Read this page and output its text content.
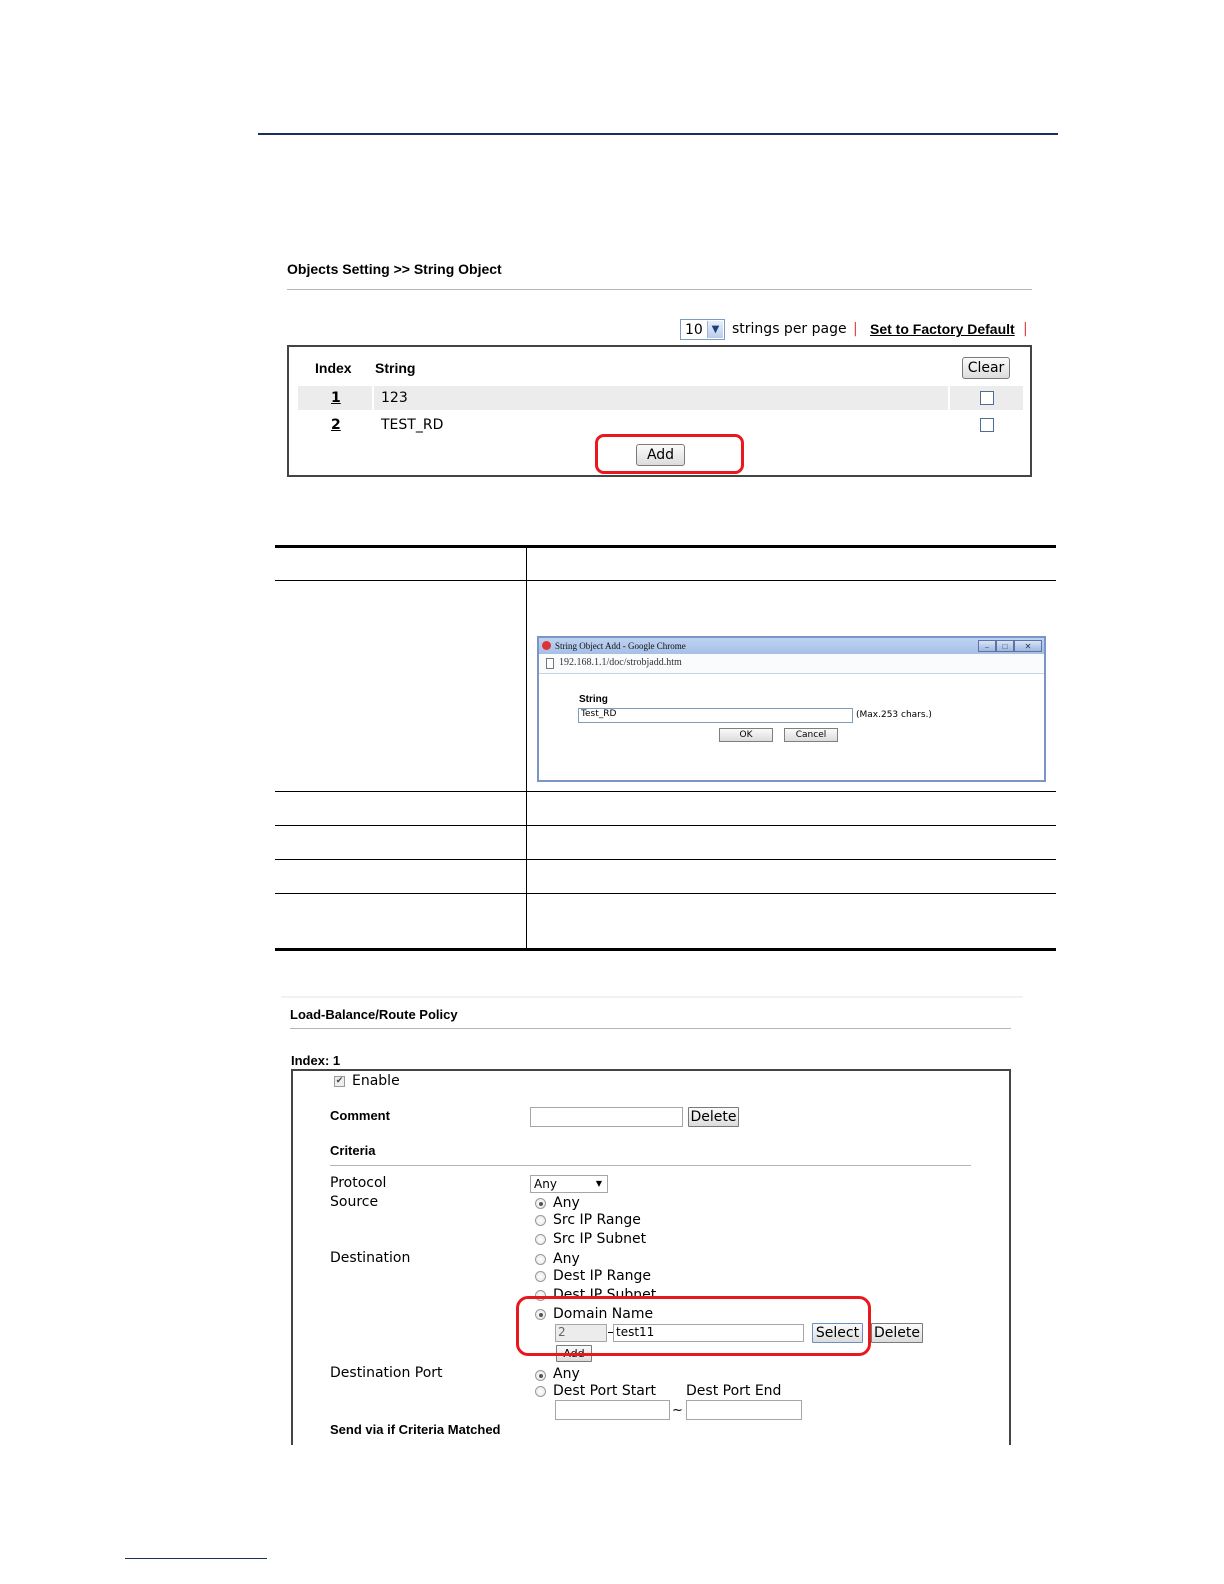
Objects Setting >> String Object
10 ▼ strings per page | Set to Factory Default |
Index String	Clear
1	123
2	TEST_RD
Add
String Object Add - Google Chrome	–	□	✕
192.168.1.1/doc/strobjadd.htm
String
Test_RD	(Max.253 chars.)
OK	Cancel
Load-Balance/Route Policy
Index: 1
✔ Enable
Comment	Delete
Criteria
Protocol	Any	▼
Source	Any
Src IP Range
Src IP Subnet
Destination	Any
Dest IP Range
Dest IP Subnet
Domain Name
2	test11	Select Delete
Add
Destination Port	Any
Dest Port Start Dest Port End
~
Send via if Criteria Matched
